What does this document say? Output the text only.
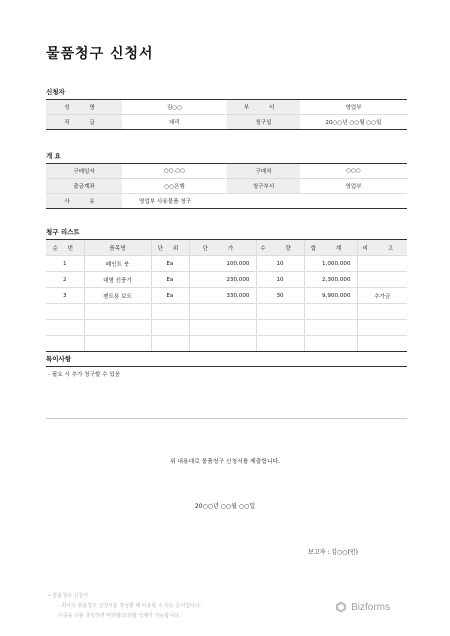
물품청구 신청서
신청자
성 명	김○○	부 서	영업부
직 급	대리	청구일	20○○년 ○○월 ○○일
개 요
구매일자	○○.○○	구매처	○○○
출금계좌	○○은행	청구부서	영업부
사 유	영업부 사용물품 청구		
청구 리스트
순 번	품목명	단 위	단 가	수 량	합 계	비 고
1	페인트 붓	Ea	100,000	10	1,000,000	
2	대형 선풍기	Ea	230,000	10	2,300,000	
3	펜트용 보트	Ea	330,000	30	9,900,000	추가금

특이사항
- 필요 시 추가 청구할 수 있음
위 내용대로 물품청구 신청서를 제출합니다.
20○○년 ○○월 ○○일
보고자 : 김○○(인)
• 물품청구 신청서
- 회사의 물품청구 신청서를 작성할 때 사용할 수 있는 문서입니다.
이곳을 더블 클릭하면 머리말/꼬리말 삭제가 가능합니다.
Bizforms
